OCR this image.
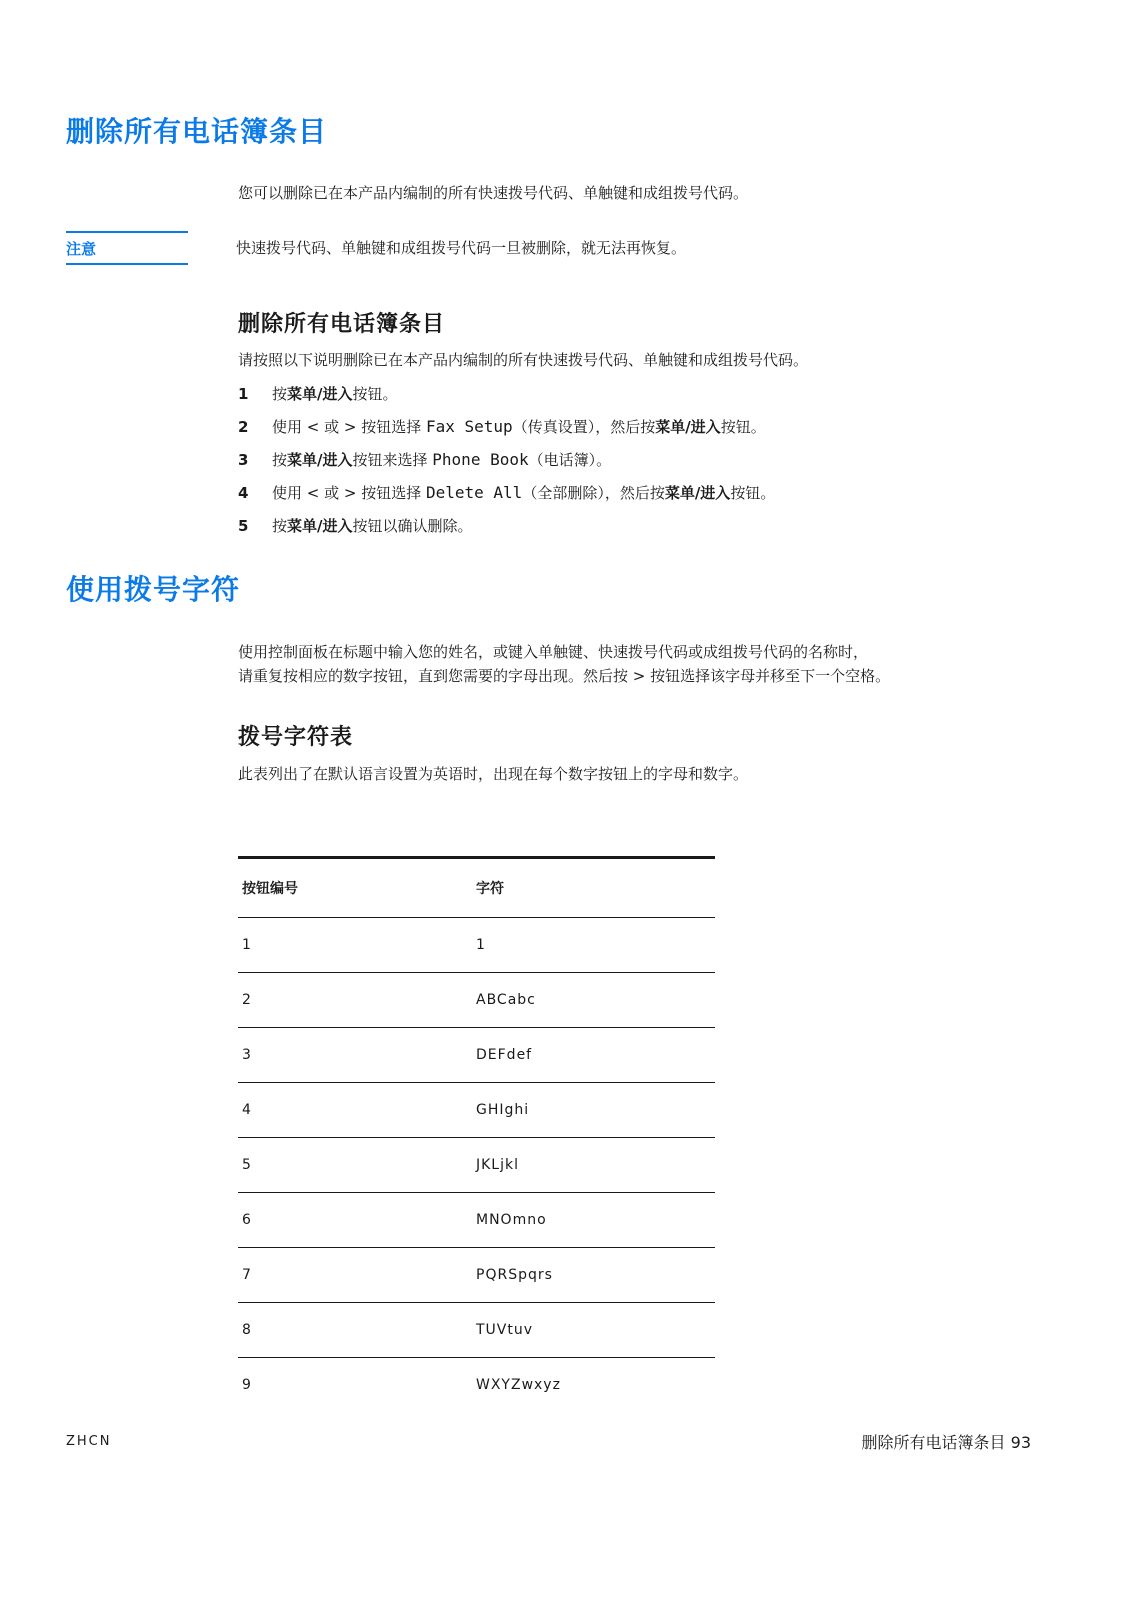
删除所有电话簿条目
您可以删除已在本产品内编制的所有快速拨号代码、单触键和成组拨号代码。
注意	快速拨号代码、单触键和成组拨号代码一旦被删除，就无法再恢复。
删除所有电话簿条目
请按照以下说明删除已在本产品内编制的所有快速拨号代码、单触键和成组拨号代码。
1 按菜单/进入按钮。
2 使用 < 或 > 按钮选择 Fax Setup（传真设置），然后按菜单/进入按钮。
3 按菜单/进入按钮来选择 Phone Book（电话簿）。
4 使用 < 或 > 按钮选择 Delete All（全部删除），然后按菜单/进入按钮。
5 按菜单/进入按钮以确认删除。
使用拨号字符
使用控制面板在标题中输入您的姓名，或键入单触键、快速拨号代码或成组拨号代码的名称时，
请重复按相应的数字按钮，直到您需要的字母出现。然后按 > 按钮选择该字母并移至下一个空格。
拨号字符表
此表列出了在默认语言设置为英语时，出现在每个数字按钮上的字母和数字。
按钮编号	字符
1	1
2	ABCabc
3	DEFdef
4	GHIghi
5	JKLjkl
6	MNOmno
7	PQRSpqrs
8	TUVtuv
9	WXYZwxyz
ZHCN	删除所有电话簿条目 93
